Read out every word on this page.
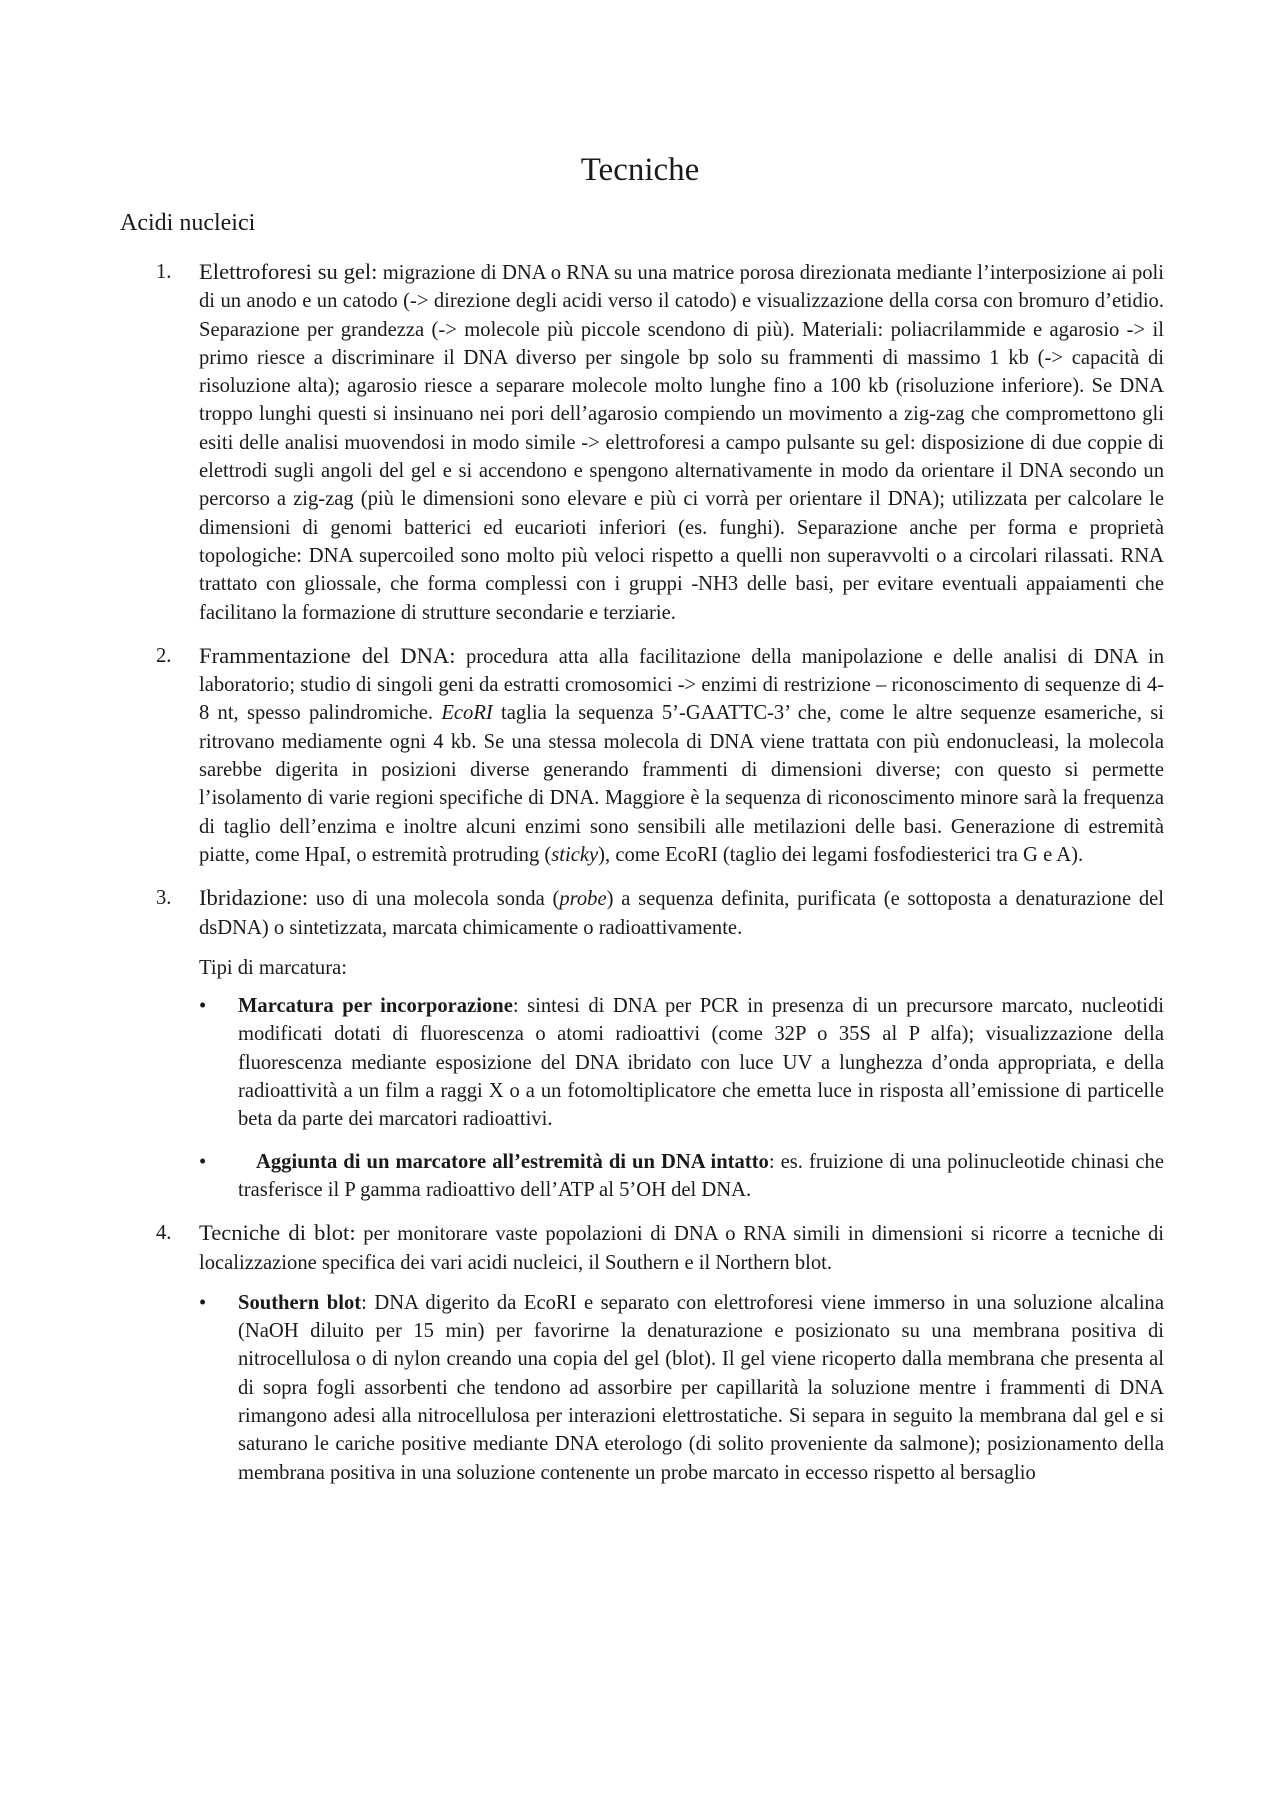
Tecniche
Acidi nucleici
1. Elettroforesi su gel: migrazione di DNA o RNA su una matrice porosa direzionata mediante l’interposizione ai poli di un anodo e un catodo (-> direzione degli acidi verso il catodo) e visualizzazione della corsa con bromuro d’etidio. Separazione per grandezza (-> molecole più piccole scendono di più). Materiali: poliacrilammide e agarosio -> il primo riesce a discriminare il DNA diverso per singole bp solo su frammenti di massimo 1 kb (-> capacità di risoluzione alta); agarosio riesce a separare molecole molto lunghe fino a 100 kb (risoluzione inferiore). Se DNA troppo lunghi questi si insinuano nei pori dell’agarosio compiendo un movimento a zig-zag che compromettono gli esiti delle analisi muovendosi in modo simile -> elettroforesi a campo pulsante su gel: disposizione di due coppie di elettrodi sugli angoli del gel e si accendono e spengono alternativamente in modo da orientare il DNA secondo un percorso a zig-zag (più le dimensioni sono elevare e più ci vorrà per orientare il DNA); utilizzata per calcolare le dimensioni di genomi batterici ed eucarioti inferiori (es. funghi). Separazione anche per forma e proprietà topologiche: DNA supercoiled sono molto più veloci rispetto a quelli non superavvolti o a circolari rilassati. RNA trattato con gliossale, che forma complessi con i gruppi -NH3 delle basi, per evitare eventuali appaiamenti che facilitano la formazione di strutture secondarie e terziarie.

2. Frammentazione del DNA: procedura atta alla facilitazione della manipolazione e delle analisi di DNA in laboratorio; studio di singoli geni da estratti cromosomici -> enzimi di restrizione – riconoscimento di sequenze di 4-8 nt, spesso palindromiche. EcoRI taglia la sequenza 5’-GAATTC-3’ che, come le altre sequenze esameriche, si ritrovano mediamente ogni 4 kb. Se una stessa molecola di DNA viene trattata con più endonucleasi, la molecola sarebbe digerita in posizioni diverse generando frammenti di dimensioni diverse; con questo si permette l’isolamento di varie regioni specifiche di DNA. Maggiore è la sequenza di riconoscimento minore sarà la frequenza di taglio dell’enzima e inoltre alcuni enzimi sono sensibili alle metilazioni delle basi. Generazione di estremità piatte, come HpaI, o estremità protruding (sticky), come EcoRI (taglio dei legami fosfodiesterici tra G e A).

3. Ibridazione: uso di una molecola sonda (probe) a sequenza definita, purificata (e sottoposta a denaturazione del dsDNA) o sintetizzata, marcata chimicamente o radioattivamente.

Tipi di marcatura:

• Marcatura per incorporazione: sintesi di DNA per PCR in presenza di un precursore marcato, nucleotidi modificati dotati di fluorescenza o atomi radioattivi (come 32P o 35S al P alfa); visualizzazione della fluorescenza mediante esposizione del DNA ibridato con luce UV a lunghezza d’onda appropriata, e della radioattività a un film a raggi X o a un fotomoltiplicatore che emetta luce in risposta all’emissione di particelle beta da parte dei marcatori radioattivi.

•	Aggiunta di un marcatore all’estremità di un DNA intatto: es. fruizione di una polinucleotide chinasi che trasferisce il P gamma radioattivo dell’ATP al 5’OH del DNA.

4. Tecniche di blot: per monitorare vaste popolazioni di DNA o RNA simili in dimensioni si ricorre a tecniche di localizzazione specifica dei vari acidi nucleici, il Southern e il Northern blot.

• Southern blot: DNA digerito da EcoRI e separato con elettroforesi viene immerso in una soluzione alcalina (NaOH diluito per 15 min) per favorirne la denaturazione e posizionato su una membrana positiva di nitrocellulosa o di nylon creando una copia del gel (blot). Il gel viene ricoperto dalla membrana che presenta al di sopra fogli assorbenti che tendono ad assorbire per capillarità la soluzione mentre i frammenti di DNA rimangono adesi alla nitrocellulosa per interazioni elettrostatiche. Si separa in seguito la membrana dal gel e si saturano le cariche positive mediante DNA eterologo (di solito proveniente da salmone); posizionamento della membrana positiva in una soluzione contenente un probe marcato in eccesso rispetto al bersaglio
